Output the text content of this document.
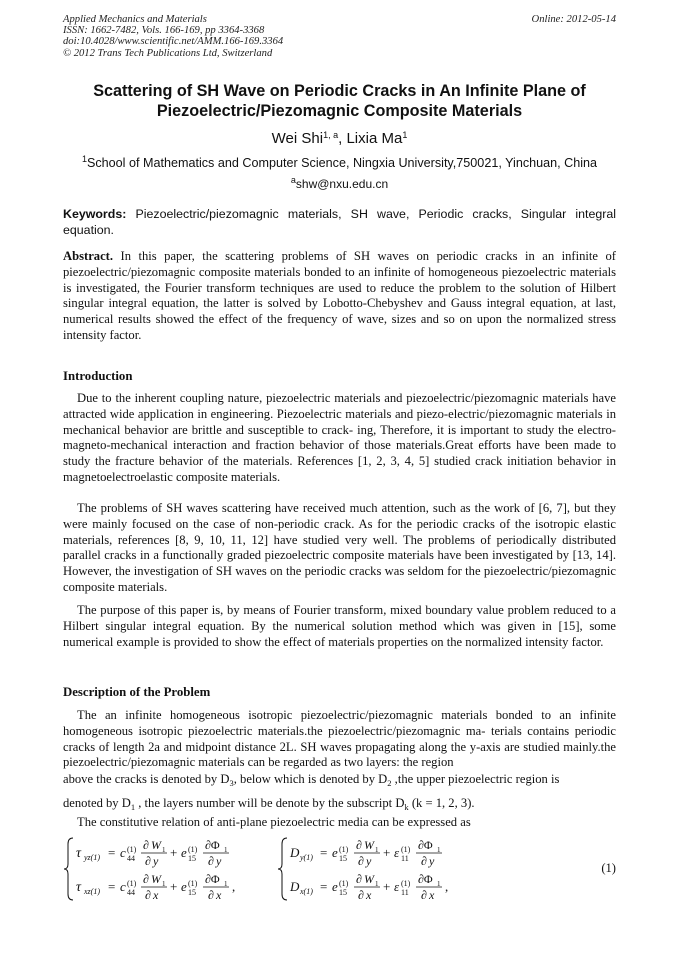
Applied Mechanics and Materials
ISSN: 1662-7482, Vols. 166-169, pp 3364-3368
doi:10.4028/www.scientific.net/AMM.166-169.3364
© 2012 Trans Tech Publications Ltd, Switzerland
Online: 2012-05-14
Scattering of SH Wave on Periodic Cracks in An Infinite Plane of
Piezoelectric/Piezomagnic Composite Materials
Wei Shi$^{1, a}$, Lixia Ma$^1$
$^1$School of Mathematics and Computer Science, Ningxia University,750021, Yinchuan, China
$^a$shw@nxu.edu.cn
Keywords: Piezoelectric/piezomagnic materials, SH wave, Periodic cracks, Singular integral equation.
Abstract. In this paper, the scattering problems of SH waves on periodic cracks in an infinite of piezoelectric/piezomagnic composite materials bonded to an infinite of homogeneous piezoelectric materials is investigated, the Fourier transform techniques are used to reduce the problem to the solution of Hilbert singular integral equation, the latter is solved by Lobotto-Chebyshev and Gauss integral equation, at last, numerical results showed the effect of the frequency of wave, sizes and so on upon the normalized stress intensity factor.
Introduction
Due to the inherent coupling nature, piezoelectric materials and piezoelectric/piezomagnic materials have attracted wide application in engineering. Piezoelectric materials and piezo-electric/piezomagnic materials in mechanical behavior are brittle and susceptible to crack- ing, Therefore, it is important to study the electro-magneto-mechanical interaction and fraction behavior of those materials.Great efforts have been made to study the fracture behavior of the materials. References [1, 2, 3, 4, 5] studied crack initiation behavior in magnetoelectroelastic composite materials.
The problems of SH waves scattering have received much attention, such as the work of [6, 7], but they were mainly focused on the case of non-periodic crack. As for the periodic cracks of the isotropic elastic materials, references [8, 9, 10, 11, 12] have studied very well. The problems of periodically distributed parallel cracks in a functionally graded piezoelectric composite materials have been investigated by [13, 14]. However, the investigation of SH waves on the periodic cracks was seldom for the piezoelectric/piezomagnic composite materials.
The purpose of this paper is, by means of Fourier transform, mixed boundary value problem reduced to a Hilbert singular integral equation. By the numerical solution method which was given in [15], some numerical example is provided to show the effect of materials properties on the normalized intensity factor.
Description of the Problem
The an infinite homogeneous isotropic piezoelectric/piezomagnic materials bonded to an infinite homogeneous isotropic piezoelectric materials.the piezoelectric/piezomagnic ma- terials contains periodic cracks of length 2a and midpoint distance 2L. SH waves propagating along the y-axis are studied mainly.the piezoelectric/piezomagnic materials can be regarded as two layers: the region
above the cracks is denoted by $D_3$, below which is denoted by $D_2$ ,the upper piezoelectric region is
denoted by $D_1$ , the layers number will be denote by the subscript $D_k$ (k = 1, 2, 3).
The constitutive relation of anti-plane piezoelectric media can be expressed as
τ yz(1) = c (1)
44
∂ W 1
∂ y
+ e (1)
15
∂Φ 1
∂ y
τ xz(1) = c (1)
44
∂ W 1
∂ x
+ e (1)
15
∂Φ 1
∂ x
,
D y(1) = e (1)
15
∂ W 1
∂ y
+ ε (1)
11
∂Φ 1
∂ y
D x(1) = e (1)
15
∂ W 1
∂ x
+ ε (1)
11
∂Φ 1
∂ x
,
(1)
